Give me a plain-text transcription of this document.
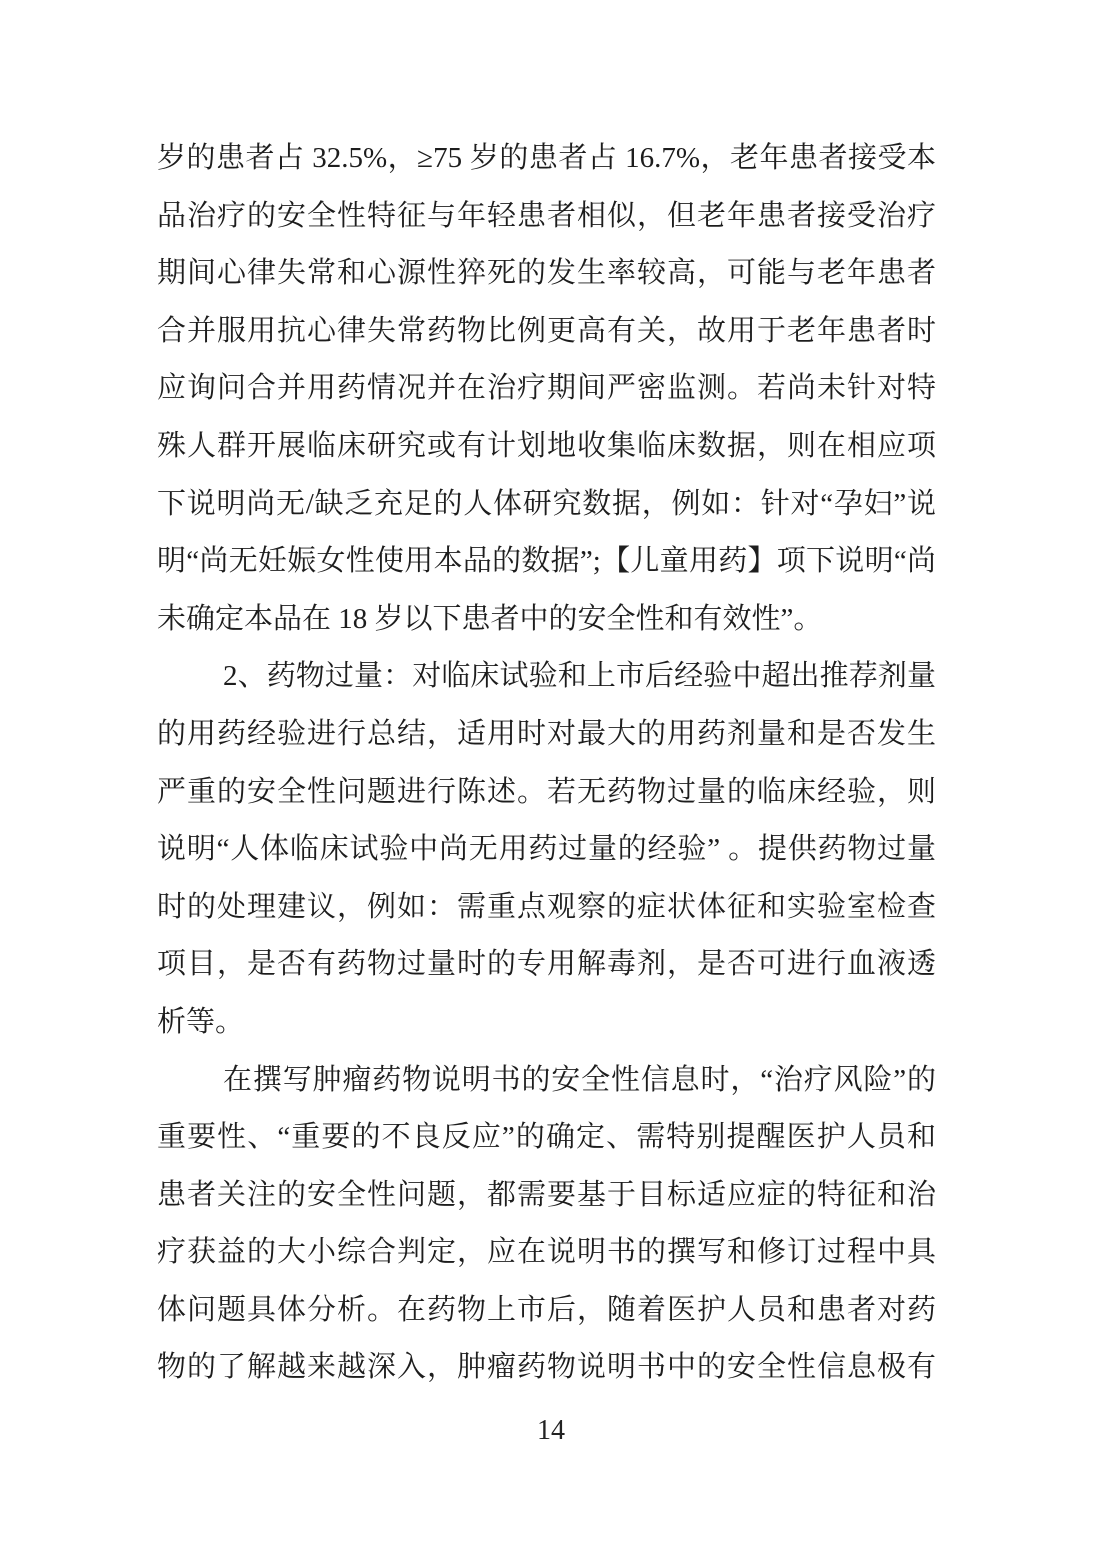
岁的患者占 32.5%，≥75 岁的患者占 16.7%，老年患者接受本
品治疗的安全性特征与年轻患者相似，但老年患者接受治疗
期间心律失常和心源性猝死的发生率较高，可能与老年患者
合并服用抗心律失常药物比例更高有关，故用于老年患者时
应询问合并用药情况并在治疗期间严密监测。若尚未针对特
殊人群开展临床研究或有计划地收集临床数据，则在相应项
下说明尚无/缺乏充足的人体研究数据，例如：针对“孕妇”说
明“尚无妊娠女性使用本品的数据”;【儿童用药】项下说明“尚
未确定本品在 18 岁以下患者中的安全性和有效性”。
2、药物过量：对临床试验和上市后经验中超出推荐剂量
的用药经验进行总结，适用时对最大的用药剂量和是否发生
严重的安全性问题进行陈述。若无药物过量的临床经验，则
说明“人体临床试验中尚无用药过量的经验” 。提供药物过量
时的处理建议，例如：需重点观察的症状体征和实验室检查
项目，是否有药物过量时的专用解毒剂，是否可进行血液透
析等。
在撰写肿瘤药物说明书的安全性信息时，“治疗风险”的
重要性、“重要的不良反应”的确定、需特别提醒医护人员和
患者关注的安全性问题，都需要基于目标适应症的特征和治
疗获益的大小综合判定，应在说明书的撰写和修订过程中具
体问题具体分析。在药物上市后，随着医护人员和患者对药
物的了解越来越深入，肿瘤药物说明书中的安全性信息极有
14
